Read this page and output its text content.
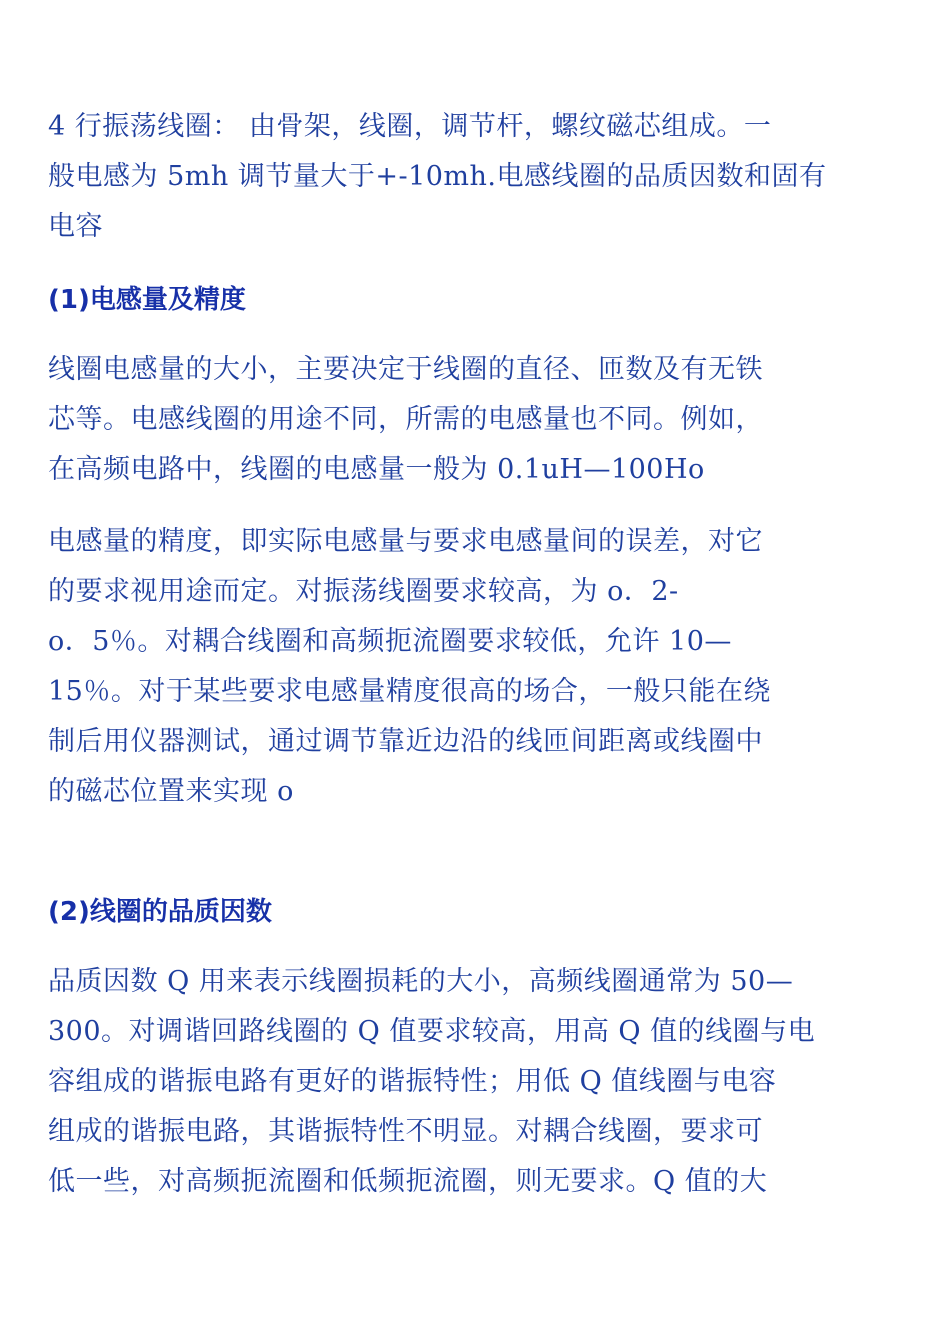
4 行振荡线圈： 由骨架，线圈，调节杆，螺纹磁芯组成。一
般电感为 5mh 调节量大于+-10mh.电感线圈的品质因数和固有
电容
(1)电感量及精度
线圈电感量的大小，主要决定于线圈的直径、匝数及有无铁
芯等。电感线圈的用途不同，所需的电感量也不同。例如，
在高频电路中，线圈的电感量一般为 0.1uH—100Ho
电感量的精度，即实际电感量与要求电感量间的误差，对它
的要求视用途而定。对振荡线圈要求较高，为 o．2-
o．5％。对耦合线圈和高频扼流圈要求较低，允许 10—
15％。对于某些要求电感量精度很高的场合，一般只能在绕
制后用仪器测试，通过调节靠近边沿的线匝间距离或线圈中
的磁芯位置来实现 o
(2)线圈的品质因数
品质因数 Q 用来表示线圈损耗的大小，高频线圈通常为 50—
300。对调谐回路线圈的 Q 值要求较高，用高 Q 值的线圈与电
容组成的谐振电路有更好的谐振特性；用低 Q 值线圈与电容
组成的谐振电路，其谐振特性不明显。对耦合线圈，要求可
低一些，对高频扼流圈和低频扼流圈，则无要求。Q 值的大
